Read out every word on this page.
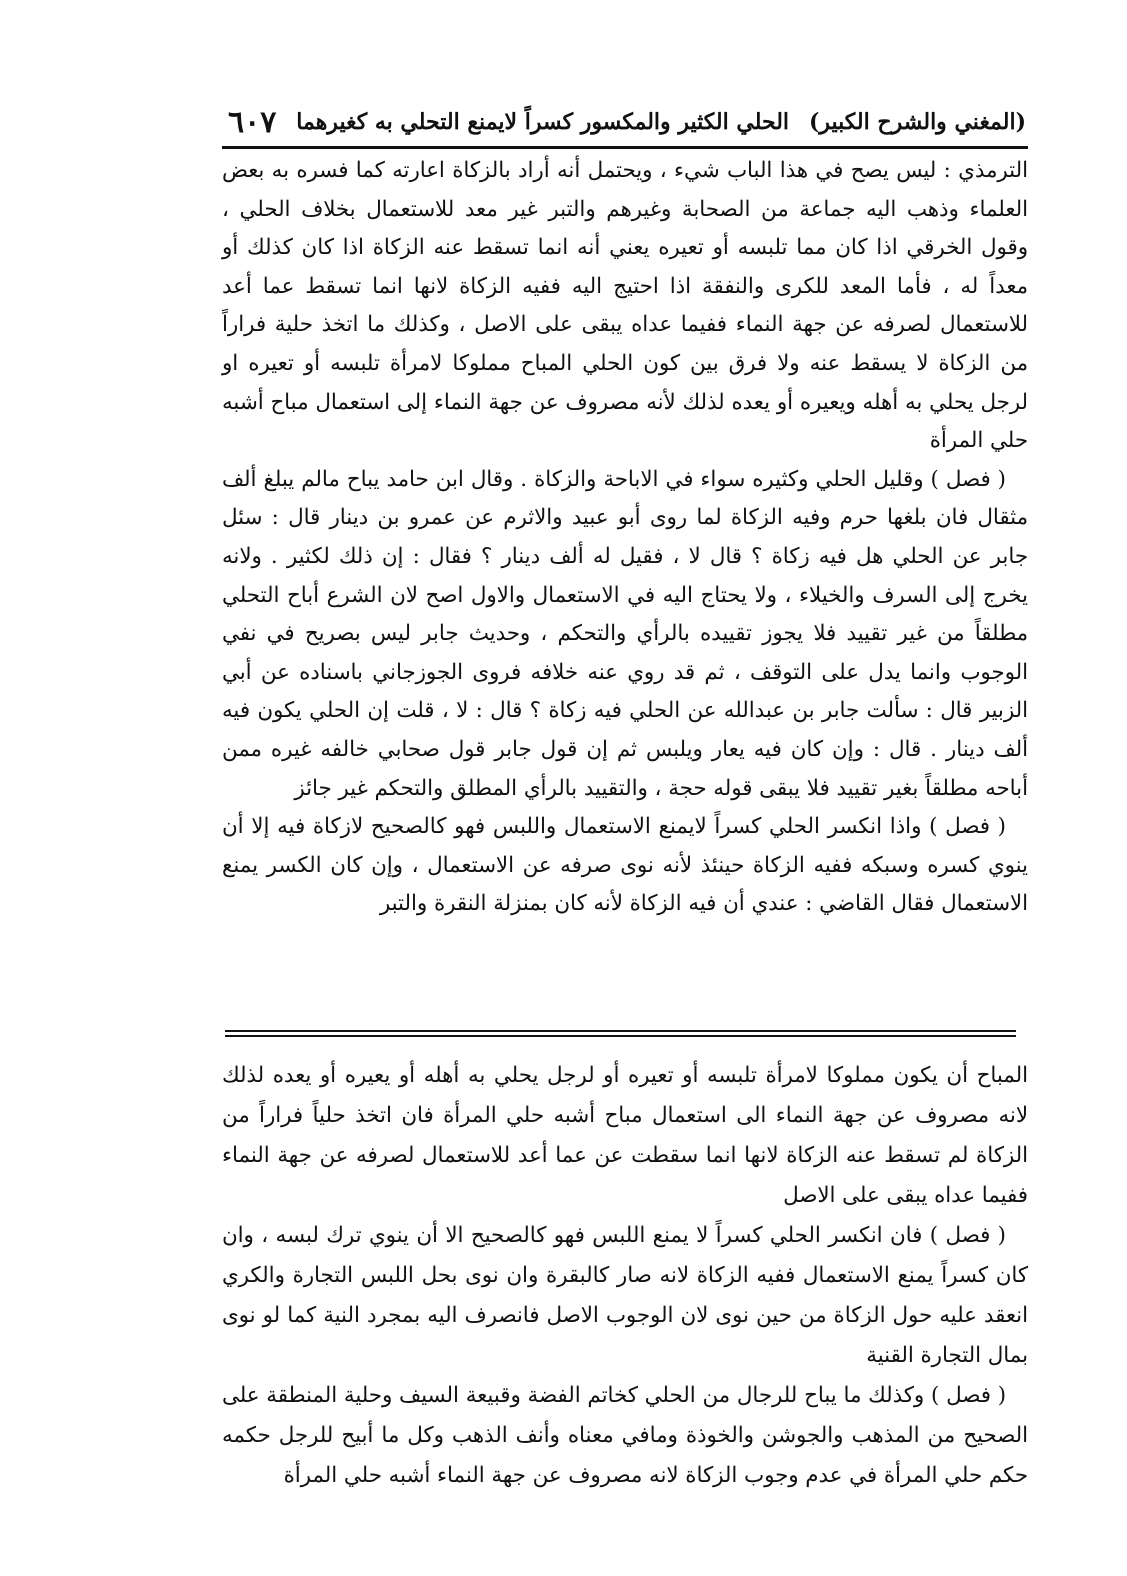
(المغني والشرح الكبير)
الحلي الكثير والمكسور كسراً لايمنع التحلي به كغيرهما
٦٠٧

الترمذي : ليس يصح في هذا الباب شيء ، ويحتمل أنه أراد بالزكاة اعارته كما فسره به بعض العلماء وذهب اليه جماعة من الصحابة وغيرهم والتبر غير معد للاستعمال بخلاف الحلي ، وقول الخرقي اذا كان مما تلبسه أو تعيره يعني أنه انما تسقط عنه الزكاة اذا كان كذلك أو معداً له ، فأما المعد للكرى والنفقة اذا احتيج اليه ففيه الزكاة لانها انما تسقط عما أعد للاستعمال لصرفه عن جهة النماء ففيما عداه يبقى على الاصل ، وكذلك ما اتخذ حلية فراراً من الزكاة لا يسقط عنه ولا فرق بين كون الحلي المباح مملوكا لامرأة تلبسه أو تعيره او لرجل يحلي به أهله ويعيره أو يعده لذلك لأنه مصروف عن جهة النماء إلى استعمال مباح أشبه حلي المرأة

( فصل ) وقليل الحلي وكثيره سواء في الاباحة والزكاة . وقال ابن حامد يباح مالم يبلغ ألف مثقال فان بلغها حرم وفيه الزكاة لما روى أبو عبيد والاثرم عن عمرو بن دينار قال : سئل جابر عن الحلي هل فيه زكاة ؟ قال لا ، فقيل له ألف دينار ؟ فقال : إن ذلك لكثير . ولانه يخرج إلى السرف والخيلاء ، ولا يحتاج اليه في الاستعمال والاول اصح لان الشرع أباح التحلي مطلقاً من غير تقييد فلا يجوز تقييده بالرأي والتحكم ، وحديث جابر ليس بصريح في نفي الوجوب وانما يدل على التوقف ، ثم قد روي عنه خلافه فروى الجوزجاني باسناده عن أبي الزبير قال : سألت جابر بن عبدالله عن الحلي فيه زكاة ؟ قال : لا ، قلت إن الحلي يكون فيه ألف دينار . قال : وإن كان فيه يعار ويلبس ثم إن قول جابر قول صحابي خالفه غيره ممن أباحه مطلقاً بغير تقييد فلا يبقى قوله حجة ، والتقييد بالرأي المطلق والتحكم غير جائز

( فصل ) واذا انكسر الحلي كسراً لايمنع الاستعمال واللبس فهو كالصحيح لازكاة فيه إلا أن ينوي كسره وسبكه ففيه الزكاة حينئذ لأنه نوى صرفه عن الاستعمال ، وإن كان الكسر يمنع الاستعمال فقال القاضي : عندي أن فيه الزكاة لأنه كان بمنزلة النقرة والتبر

المباح أن يكون مملوكا لامرأة تلبسه أو تعيره أو لرجل يحلي به أهله أو يعيره أو يعده لذلك لانه مصروف عن جهة النماء الى استعمال مباح أشبه حلي المرأة فان اتخذ حلياً فراراً من الزكاة لم تسقط عنه الزكاة لانها انما سقطت عن عما أعد للاستعمال لصرفه عن جهة النماء ففيما عداه يبقى على الاصل

( فصل ) فان انكسر الحلي كسراً لا يمنع اللبس فهو كالصحيح الا أن ينوي ترك لبسه ، وان كان كسراً يمنع الاستعمال ففيه الزكاة لانه صار كالبقرة وان نوى بحل اللبس التجارة والكري انعقد عليه حول الزكاة من حين نوى لان الوجوب الاصل فانصرف اليه بمجرد النية كما لو نوى بمال التجارة القنية

( فصل ) وكذلك ما يباح للرجال من الحلي كخاتم الفضة وقبيعة السيف وحلية المنطقة على الصحيح من المذهب والجوشن والخوذة ومافي معناه وأنف الذهب وكل ما أبيح للرجل حكمه حكم حلي المرأة في عدم وجوب الزكاة لانه مصروف عن جهة النماء أشبه حلي المرأة
